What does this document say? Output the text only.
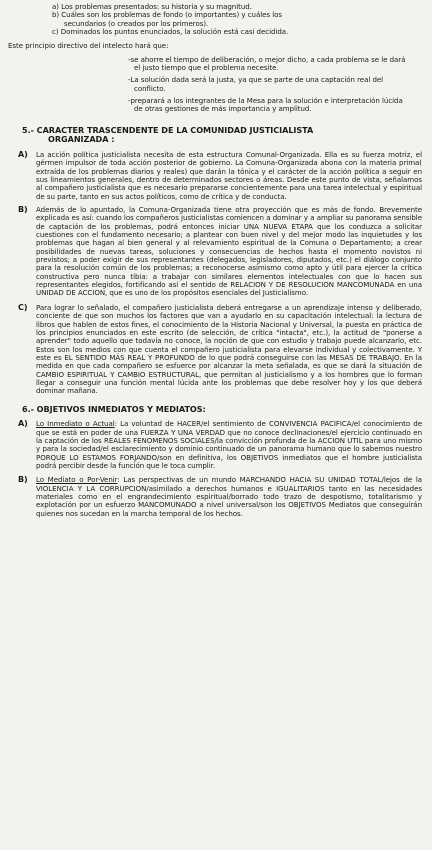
a) Los problemas presentados: su historia y su magnitud.

b) Cuáles son los problemas de fondo (o importantes) y cuáles los

secundarios (o creados por los primeros).

c) Dominados los puntos enunciados, la solución está casi decidida.

Este principio directivo del intelecto hará que:

-se ahorre el tiempo de deliberación, o mejor dicho, a cada problema se le dará el justo tiempo que el problema necesite.

-La solución dada será la justa, ya que se parte de una captación real del conflicto.

-preparará a los integrantes de la Mesa para la solución e interpretación lúcida de otras gestiones de más importancia y amplitud.

5.- CARACTER TRASCENDENTE DE LA COMUNIDAD JUSTICIALISTA

ORGANIZADA :

A) La acción política justicialista necesita de esta estructura Comunal-Organizada. Ella es su fuerza motriz, el gérmen impulsor de toda acción posterior de gobierno. La Comuna-Organizada abona con la materia prima( extraída de los problemas diarios y reales) que darán la tónica y el carácter de la acción política a seguir en sus lineamientos generales, dentro de determinados sectores o áreas. Desde este punto de vista, señalamos al compañero justicialista que es necesario prepararse concientemente para una tarea intelectual y espiritual de su parte, tanto en sus actos políticos, como de crítica y de conducta.

B) Además de lo apuntado, la Comuna-Organizada tiene otra proyección que es más de fondo. Brevemente explicada es así: cuando los compañeros justicialistas comiencen a dominar y a ampliar su panorama sensible de captación de los problemas, podrá entonces iniciar UNA NUEVA ETAPA que los conduzca a solicitar cuestiones con el fundamento necesario; a plantear con buen nivel y del mejor modo las inquietudes y los problemas que hagan al bien general y al relevamiento espiritual de la Comuna o Departamento; a crear posibilidades de nuevas tareas, soluciones y consecuencias de hechos hasta el momento novistos ni previstos; a poder exigir de sus representantes (delegados, legisladores, diputados, etc.) el diálogo conjunto para la resolución común de los problemas; a reconocerse asímismo como apto y útil para ejercer la crítica constructiva pero nunca tibia: a trabajar con similares elementos intelectuales con que lo hacen sus representantes elegidos, fortificando así el sentido de RELACION Y DE RESOLUCION MANCOMUNADA en una UNIDAD DE ACCION, que es uno de los propósitos esenciales del Justicialismo.

C) Para lograr lo señalado, el compañero justicialista deberá entregarse a un aprendizaje intenso y deliberado, conciente de que son muchos los factores que van a ayudarlo en su capacitación intelectual: la lectura de libros que hablen de estos fines, el conocimiento de la Historia Nacional y Universal, la puesta en práctica de los principios enunciados en este escrito (de selección, de crítica "intacta", etc.), la actitud de "ponerse a aprender" todo aquello que todavía no conoce, la noción de que con estudio y trabajo puede alcanzarlo, etc. Estos son los medios con que cuenta el compañero justicialista para elevarse individual y colectivamente. Y este es EL SENTIDO MÁS REAL Y PROFUNDO de lo que podrá conseguirse con las MESAS DE TRABAJO. En la medida en que cada compañero se esfuerce por alcanzar la meta señalada, es que se dará la situación de CAMBIO ESPIRITUAL Y CAMBIO ESTRUCTURAL, que permitan al justicialismo y a los hombres que lo forman llegar a conseguir una función mental lúcida ante los problemas que debe resolver hoy y los que deberá dominar mañana.

6.- OBJETIVOS INMEDIATOS Y MEDIATOS:

A) Lo Inmediato o Actual: La voluntad de HACER/el sentimiento de CONVIVENCIA PACIFICA/el conocimiento de que se está en poder de una FUERZA Y UNA VERDAD que no conoce declinaciones/el ejercicio continuado en la captación de los REALES FENOMENOS SOCIALES/la convicción profunda de la ACCION UTIL para uno mismo y para la sociedad/el esclarecimiento y dominio continuado de un panorama humano que lo sabemos nuestro PORQUE LO ESTAMOS FORJANDO/son en definitiva, los OBJETIVOS inmediatos que el hombre justicialista podrá percibir desde la función que le toca cumplir.

B) Lo Mediato o Por-Venir: Las perspectivas de un mundo MARCHANDO HACIA SU UNIDAD TOTAL/lejos de la VIOLENCIA Y LA CORRUPCION/asimilado a derechos humanos e IGUALITARIOS tanto en las necesidades materiales como en el engrandecimiento espiritual/borrado todo trazo de despotismo, totalitarismo y explotación por un esfuerzo MANCOMUNADO a nivel universal/son los OBJETIVOS Mediatos que conseguirán quienes nos sucedan en la marcha temporal de los hechos.
